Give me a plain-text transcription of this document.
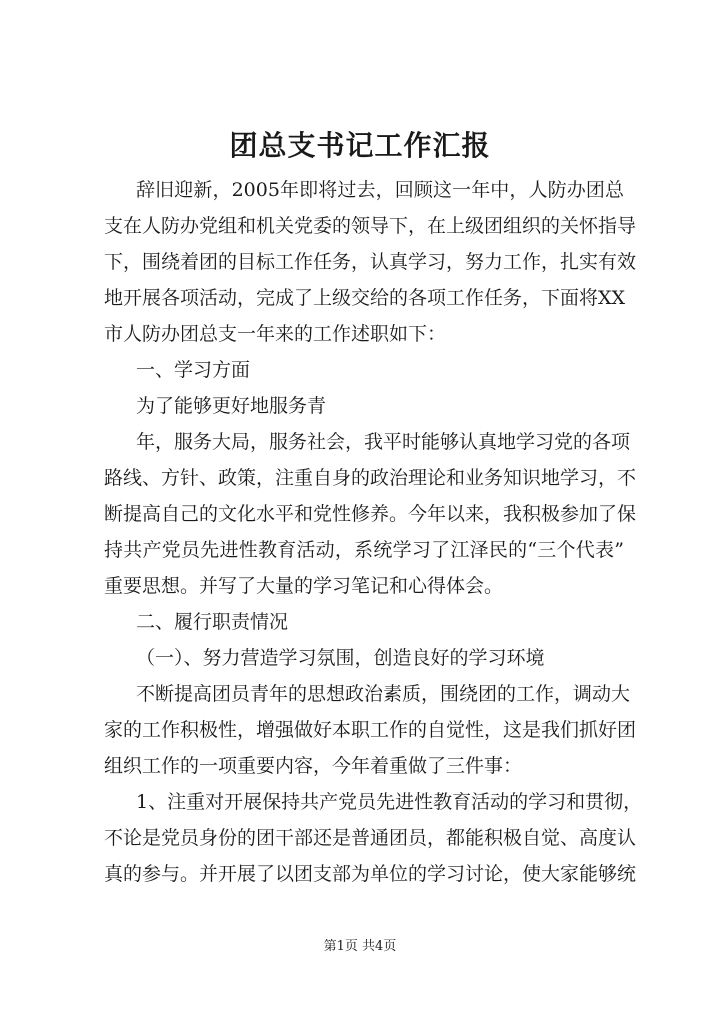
团总支书记工作汇报

辞旧迎新，2005年即将过去，回顾这一年中，人防办团总

支在人防办党组和机关党委的领导下，在上级团组织的关怀指导

下，围绕着团的目标工作任务，认真学习，努力工作，扎实有效

地开展各项活动，完成了上级交给的各项工作任务，下面将XX

市人防办团总支一年来的工作述职如下：

一、学习方面

为了能够更好地服务青

年，服务大局，服务社会，我平时能够认真地学习党的各项

路线、方针、政策，注重自身的政治理论和业务知识地学习，不

断提高自己的文化水平和党性修养。今年以来，我积极参加了保

持共产党员先进性教育活动，系统学习了江泽民的“三个代表”

重要思想。并写了大量的学习笔记和心得体会。

二、履行职责情况

（一）、努力营造学习氛围，创造良好的学习环境

不断提高团员青年的思想政治素质，围绕团的工作，调动大

家的工作积极性，增强做好本职工作的自觉性，这是我们抓好团

组织工作的一项重要内容，今年着重做了三件事：

1、注重对开展保持共产党员先进性教育活动的学习和贯彻，

不论是党员身份的团干部还是普通团员，都能积极自觉、高度认

真的参与。并开展了以团支部为单位的学习讨论，使大家能够统

第1页 共4页
